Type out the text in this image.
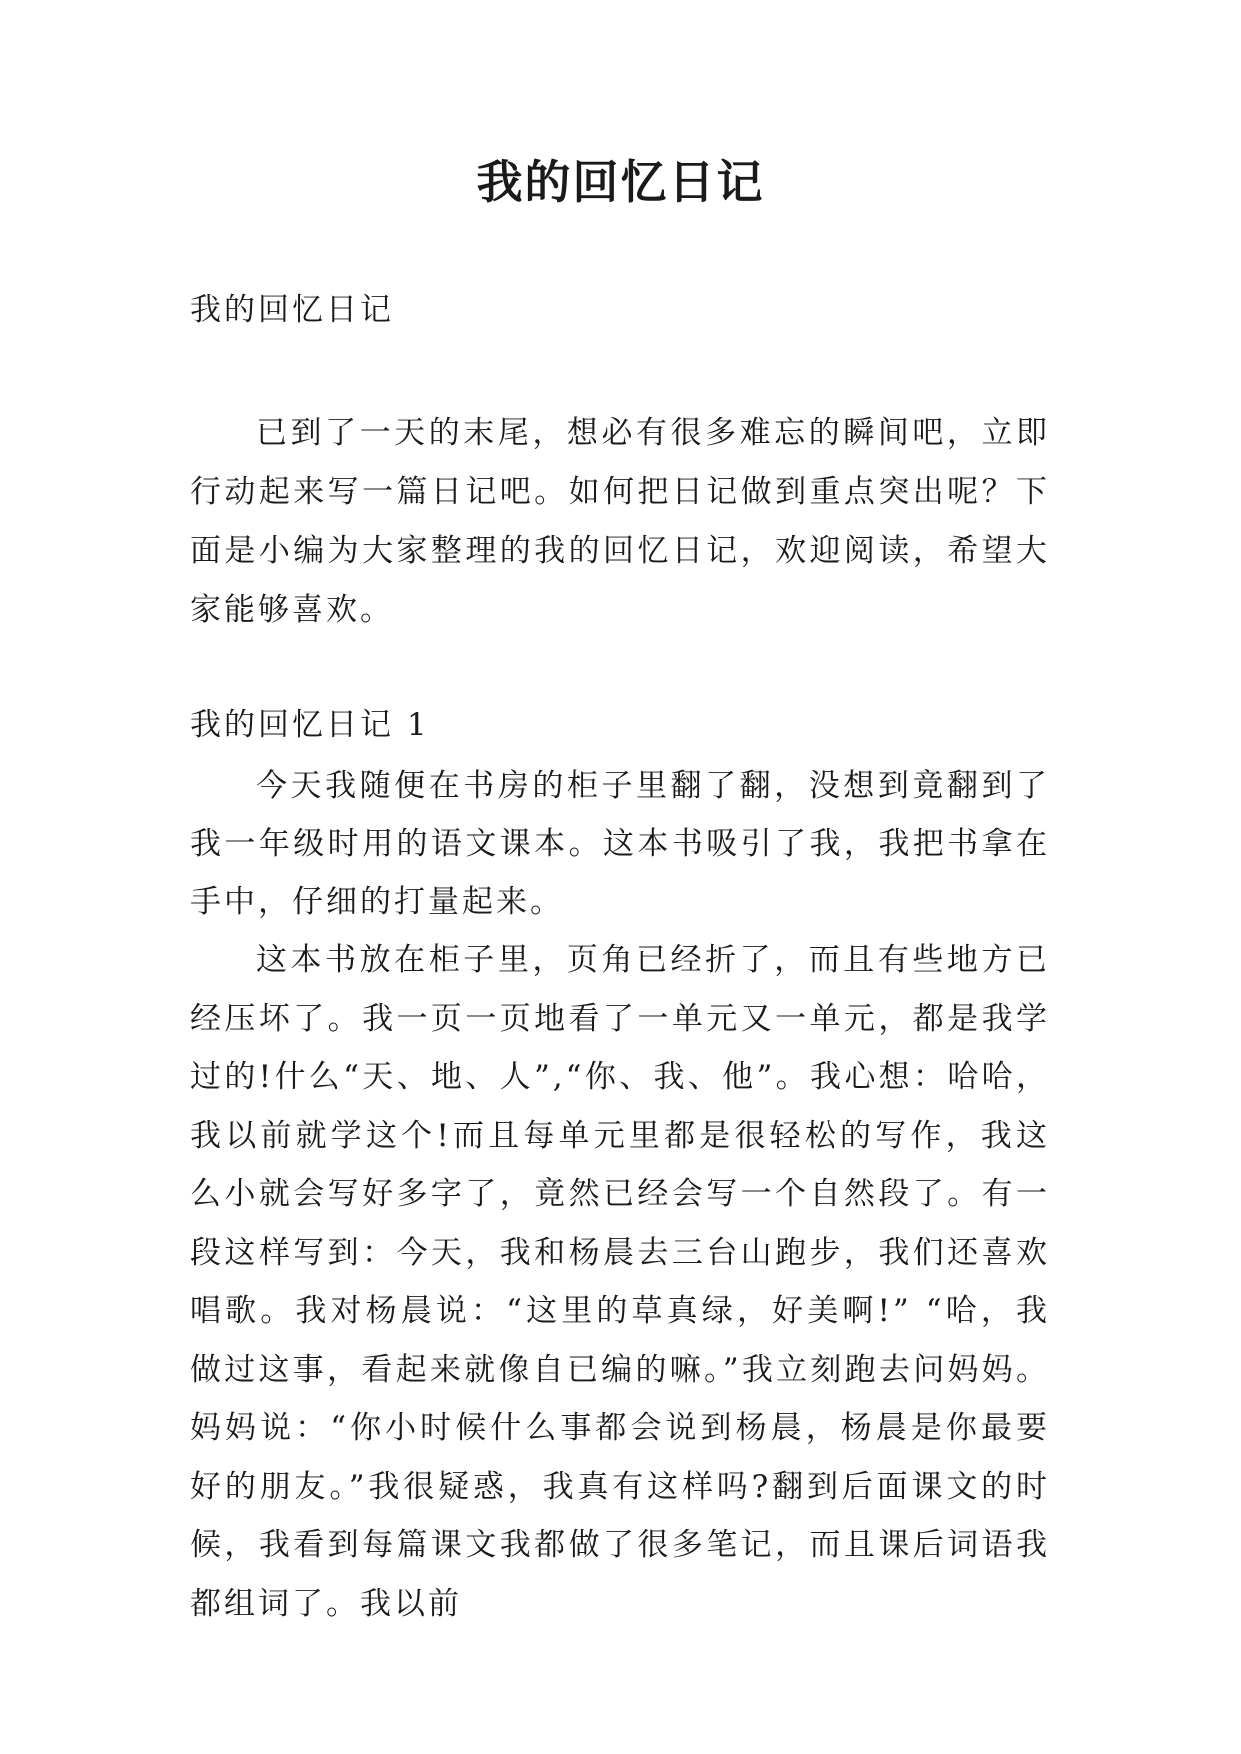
我的回忆日记
我的回忆日记

已到了一天的末尾，想必有很多难忘的瞬间吧，立即行动起来写一篇日记吧。如何把日记做到重点突出呢？下面是小编为大家整理的我的回忆日记，欢迎阅读，希望大家能够喜欢。

我的回忆日记 1

今天我随便在书房的柜子里翻了翻，没想到竟翻到了我一年级时用的语文课本。这本书吸引了我，我把书拿在手中，仔细的打量起来。

这本书放在柜子里，页角已经折了，而且有些地方已经压坏了。我一页一页地看了一单元又一单元，都是我学过的!什么“天、地、人”,“你、我、他”。我心想：哈哈，我以前就学这个!而且每单元里都是很轻松的写作，我这么小就会写好多字了，竟然已经会写一个自然段了。有一段这样写到：今天，我和杨晨去三台山跑步，我们还喜欢唱歌。我对杨晨说：“这里的草真绿，好美啊!” “哈，我做过这事，看起来就像自已编的嘛。”我立刻跑去问妈妈。妈妈说：“你小时候什么事都会说到杨晨，杨晨是你最要好的朋友。”我很疑惑，我真有这样吗?翻到后面课文的时候，我看到每篇课文我都做了很多笔记，而且课后词语我都组词了。我以前
